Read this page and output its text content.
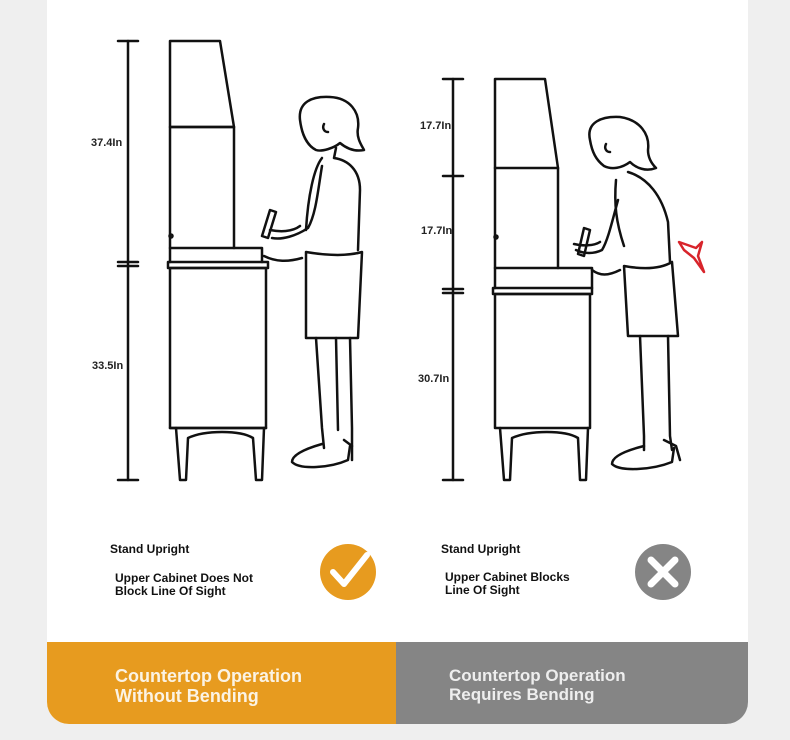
37.4In
33.5In
17.7In
17.7In
30.7In
Stand Upright
Upper Cabinet Does Not
Block Line Of Sight
Stand Upright
Upper Cabinet Blocks
Line Of Sight
Countertop Operation
Without Bending
Countertop Operation
Requires Bending
